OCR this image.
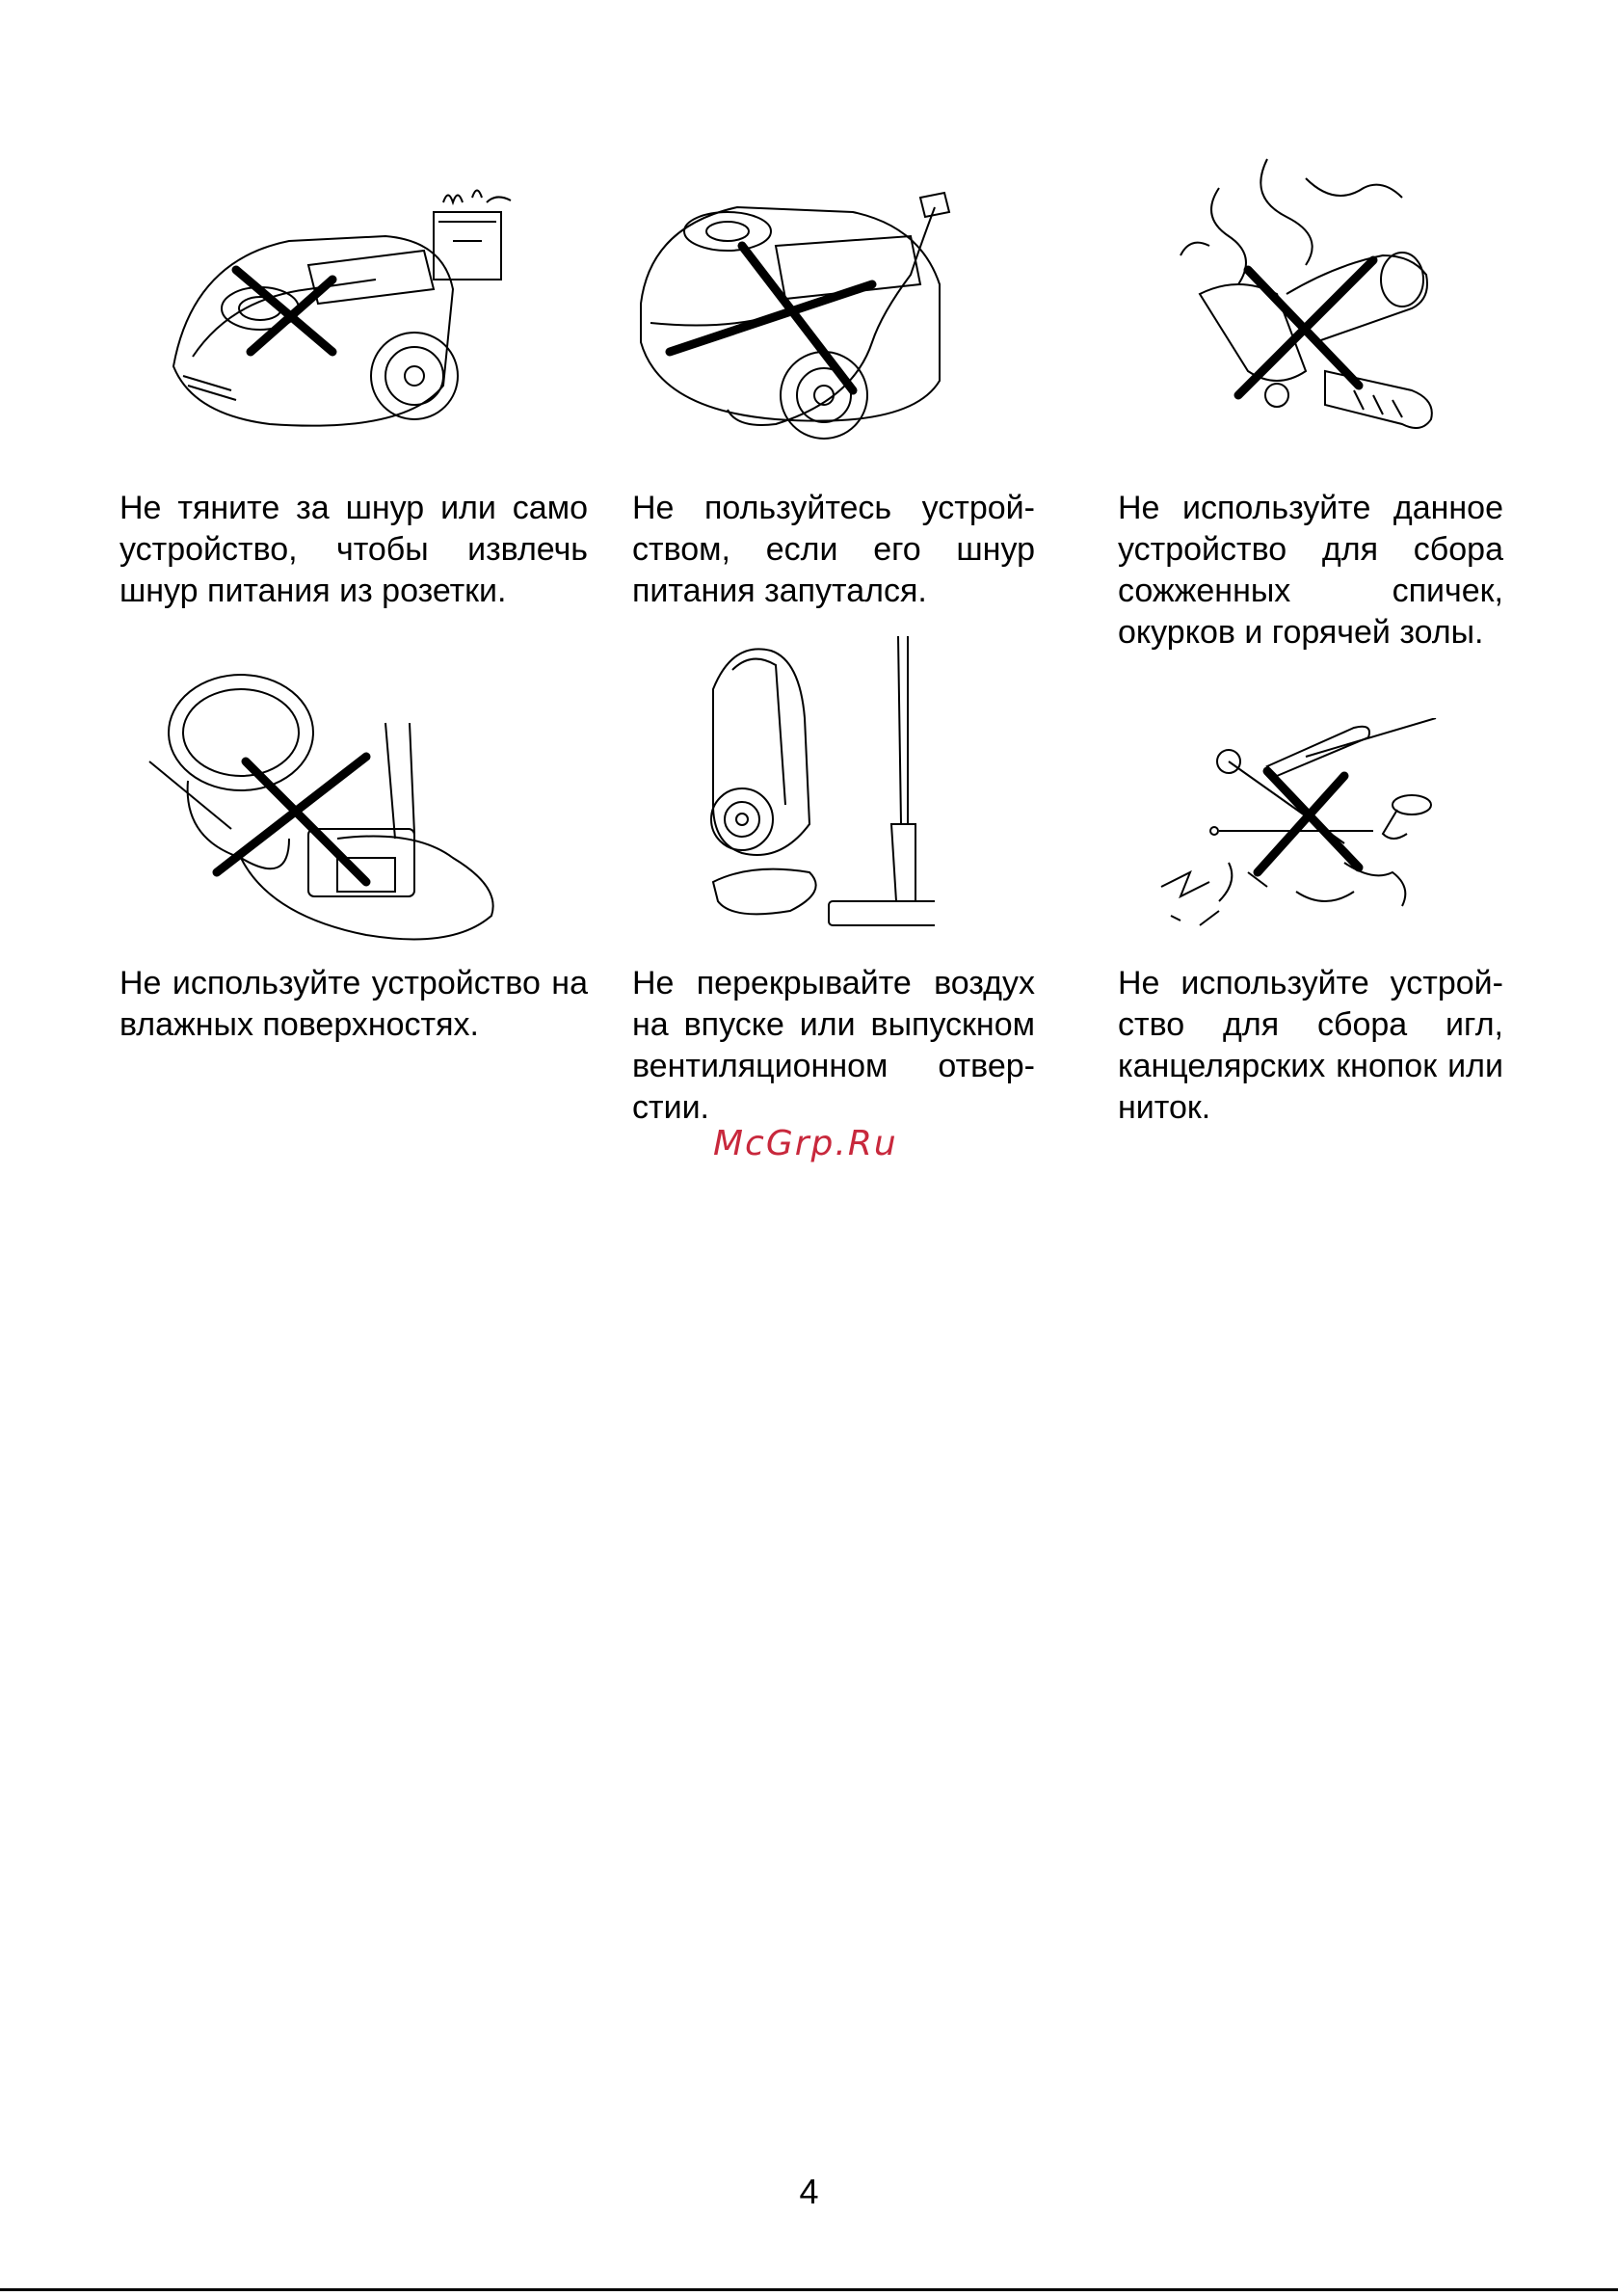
Не тяните за шнур или само устройство, чтобы извлечь шнур питания из розетки.

Не пользуйтесь устрой-ством, если его шнур питания запутался.

Не используйте данное устройство для сбора сожженных спичек, окурков и горячей золы.

Не используйте устройство на влажных поверхностях.

Не перекрывайте воздух на впуске или выпускном вентиляционном отвер-стии.

Не используйте устрой-ство для сбора игл, канцелярских кнопок или ниток.

McGrp.Ru
4
